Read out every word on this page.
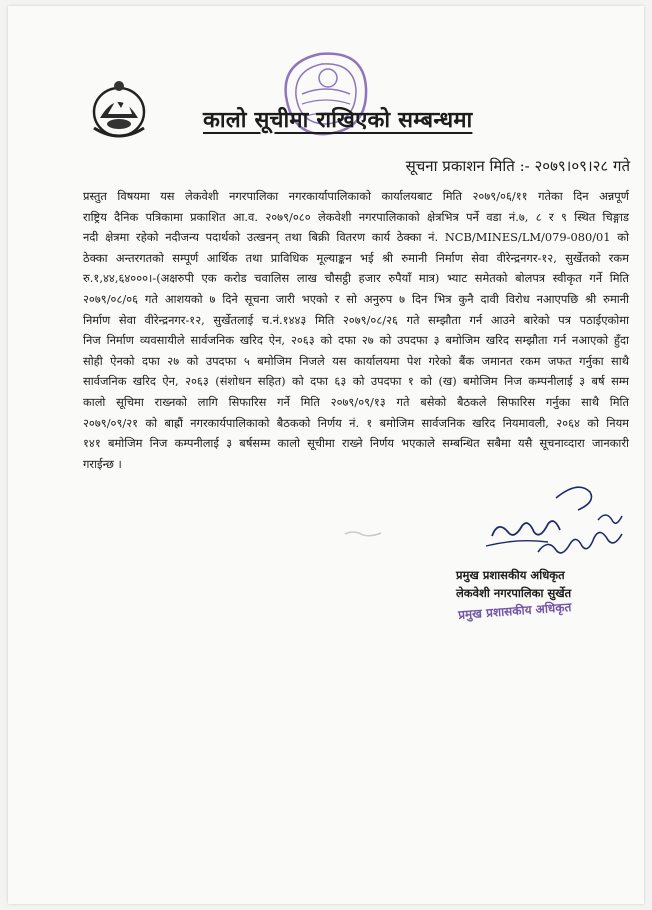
कालो सूचीमा राखिएको सम्बन्धमा
सूचना प्रकाशन मिति :- २०७९।०९।२८ गते
प्रस्तुत विषयमा यस लेकवेशी नगरपालिका नगरकार्यापालिकाको कार्यालयबाट मिति २०७९/०६/११ गतेका दिन अन्नपूर्ण
राष्ट्रिय दैनिक पत्रिकामा प्रकाशित आ.व. २०७९/०८० लेकवेशी नगरपालिकाको क्षेत्रभित्र पर्ने वडा नं.७, ८ र ९ स्थित चिङ्गाड
नदी क्षेत्रमा रहेको नदीजन्य पदार्थको उत्खनन् तथा बिक्री वितरण कार्य ठेक्का नं. NCB/MINES/LM/079-080/01 को
ठेक्का अन्तरगतको सम्पूर्ण आर्थिक तथा प्राविधिक मूल्याङ्कन भई श्री रुमानी निर्माण सेवा वीरेन्द्रनगर-१२, सुर्खेतको रकम
रु.१,४४,६४०००।-(अक्षरुपी एक करोड चवालिस लाख चौसट्ठी हजार रुपैयाँ मात्र) भ्याट समेतको बोलपत्र स्वीकृत गर्ने मिति
२०७९/०८/०६ गते आशयको ७ दिने सूचना जारी भएको र सो अनुरुप ७ दिन भित्र कुनै दावी विरोध नआएपछि श्री रुमानी
निर्माण सेवा वीरेन्द्रनगर-१२, सुर्खेतलाई च.नं.१४४३ मिति २०७९/०८/२६ गते सम्झौता गर्न आउने बारेको पत्र पठाईएकोमा
निज निर्माण व्यवसायीले सार्वजनिक खरिद ऐन, २०६३ को दफा २७ को उपदफा ३ बमोजिम खरिद सम्झौता गर्न नआएको हुँदा
सोही ऐनको दफा २७ को उपदफा ५ बमोजिम निजले यस कार्यालयमा पेश गरेको बैंक जमानत रकम जफत गर्नुका साथै
सार्वजनिक खरिद ऐन, २०६३ (संशोधन सहित) को दफा ६३ को उपदफा १ को (ख) बमोजिम निज कम्पनीलाई ३ बर्ष सम्म
कालो सूचिमा राख्नको लागि सिफारिस गर्ने मिति २०७९/०९/१३ गते बसेको बैठकले सिफारिस गर्नुका साथै मिति
२०७९/०९/२१ को बाह्रौं नगरकार्यपालिकाको बैठकको निर्णय नं. १ बमोजिम सार्वजनिक खरिद नियमावली, २०६४ को नियम
१४१ बमोजिम निज कम्पनीलाई ३ बर्षसम्म कालो सूचीमा राख्ने निर्णय भएकाले सम्बन्धित सबैमा यसै सूचनाव्दारा जानकारी
गराईन्छ ।
प्रमुख प्रशासकीय अधिकृत
लेकवेशी नगरपालिका सुर्खेत
प्रमुख प्रशासकीय अधिकृत
